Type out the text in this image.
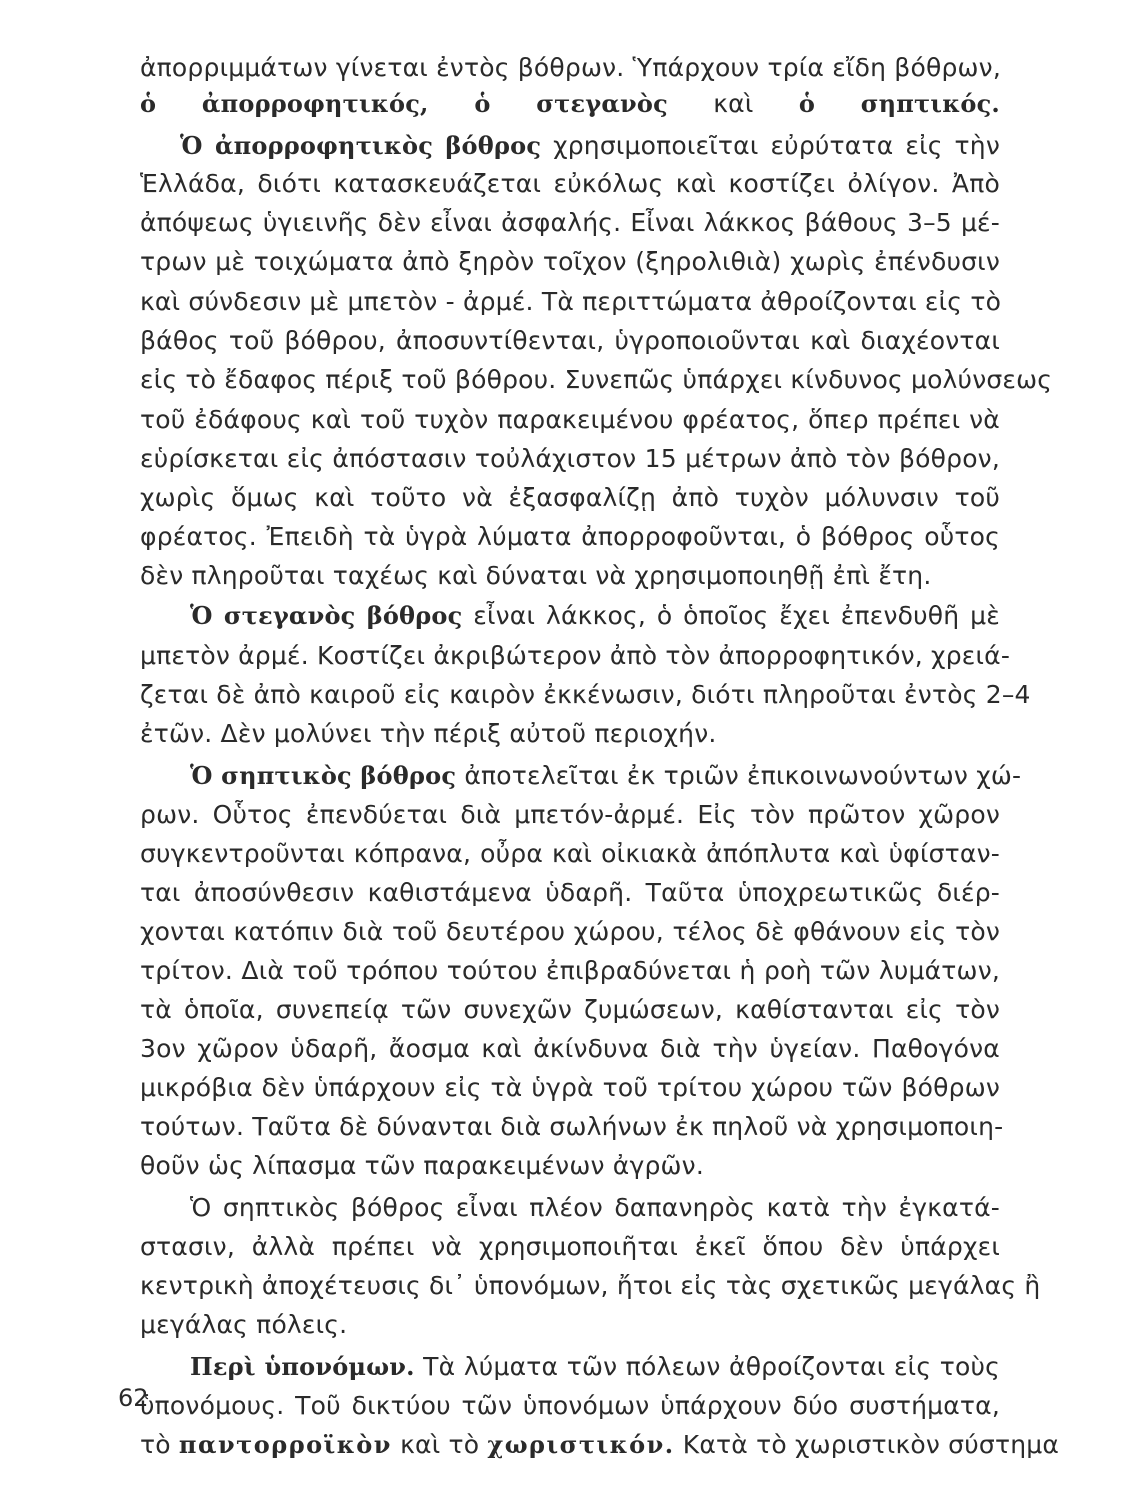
ἀπορριμμάτων γίνεται ἐντὸς βόθρων. Ὑπάρχουν τρία εἴδη βόθρων,
ὁ ἀπορροφητικός, ὁ στεγανὸς καὶ ὁ σηπτικός.
Ὁ ἀπορροφητικὸς βόθρος χρησιμοποιεῖται εὐρύτατα εἰς τὴν
Ἑλλάδα, διότι κατασκευάζεται εὐκόλως καὶ κοστίζει ὀλίγον. Ἀπὸ
ἀπόψεως ὑγιεινῆς δὲν εἶναι ἀσφαλής. Εἶναι λάκκος βάθους 3–5 μέ-
τρων μὲ τοιχώματα ἀπὸ ξηρὸν τοῖχον (ξηρολιθιὰ) χωρὶς ἐπένδυσιν
καὶ σύνδεσιν μὲ μπετὸν - ἀρμέ. Τὰ περιττώματα ἀθροίζονται εἰς τὸ
βάθος τοῦ βόθρου, ἀποσυντίθενται, ὑγροποιοῦνται καὶ διαχέονται
εἰς τὸ ἔδαφος πέριξ τοῦ βόθρου. Συνεπῶς ὑπάρχει κίνδυνος μολύνσεως
τοῦ ἐδάφους καὶ τοῦ τυχὸν παρακειμένου φρέατος, ὅπερ πρέπει νὰ
εὑρίσκεται εἰς ἀπόστασιν τοὐλάχιστον 15 μέτρων ἀπὸ τὸν βόθρον,
χωρὶς ὅμως καὶ τοῦτο νὰ ἐξασφαλίζῃ ἀπὸ τυχὸν μόλυνσιν τοῦ
φρέατος. Ἐπειδὴ τὰ ὑγρὰ λύματα ἀπορροφοῦνται, ὁ βόθρος οὗτος
δὲν πληροῦται ταχέως καὶ δύναται νὰ χρησιμοποιηθῇ ἐπὶ ἔτη.
Ὁ στεγανὸς βόθρος εἶναι λάκκος, ὁ ὁποῖος ἔχει ἐπενδυθῆ μὲ
μπετὸν ἀρμέ. Κοστίζει ἀκριβώτερον ἀπὸ τὸν ἀπορροφητικόν, χρειά-
ζεται δὲ ἀπὸ καιροῦ εἰς καιρὸν ἐκκένωσιν, διότι πληροῦται ἐντὸς 2–4
ἐτῶν. Δὲν μολύνει τὴν πέριξ αὐτοῦ περιοχήν.
Ὁ σηπτικὸς βόθρος ἀποτελεῖται ἐκ τριῶν ἐπικοινωνούντων χώ-
ρων. Οὗτος ἐπενδύεται διὰ μπετόν-ἀρμέ. Εἰς τὸν πρῶτον χῶρον
συγκεντροῦνται κόπρανα, οὖρα καὶ οἰκιακὰ ἀπόπλυτα καὶ ὑφίσταν-
ται ἀποσύνθεσιν καθιστάμενα ὑδαρῆ. Ταῦτα ὑποχρεωτικῶς διέρ-
χονται κατόπιν διὰ τοῦ δευτέρου χώρου, τέλος δὲ φθάνουν εἰς τὸν
τρίτον. Διὰ τοῦ τρόπου τούτου ἐπιβραδύνεται ἡ ροὴ τῶν λυμάτων,
τὰ ὁποῖα, συνεπείᾳ τῶν συνεχῶν ζυμώσεων, καθίστανται εἰς τὸν
3ον χῶρον ὑδαρῆ, ἄοσμα καὶ ἀκίνδυνα διὰ τὴν ὑγείαν. Παθογόνα
μικρόβια δὲν ὑπάρχουν εἰς τὰ ὑγρὰ τοῦ τρίτου χώρου τῶν βόθρων
τούτων. Ταῦτα δὲ δύνανται διὰ σωλήνων ἐκ πηλοῦ νὰ χρησιμοποιη-
θοῦν ὡς λίπασμα τῶν παρακειμένων ἀγρῶν.
Ὁ σηπτικὸς βόθρος εἶναι πλέον δαπανηρὸς κατὰ τὴν ἐγκατά-
στασιν, ἀλλὰ πρέπει νὰ χρησιμοποιῆται ἐκεῖ ὅπου δὲν ὑπάρχει
κεντρικὴ ἀποχέτευσις δι᾽ ὑπονόμων, ἤτοι εἰς τὰς σχετικῶς μεγάλας ἢ
μεγάλας πόλεις.
Περὶ ὑπονόμων. Τὰ λύματα τῶν πόλεων ἀθροίζονται εἰς τοὺς
ὑπονόμους. Τοῦ δικτύου τῶν ὑπονόμων ὑπάρχουν δύο συστήματα,
τὸ παντορροϊκὸν καὶ τὸ χωριστικόν. Κατὰ τὸ χωριστικὸν σύστημα
62
